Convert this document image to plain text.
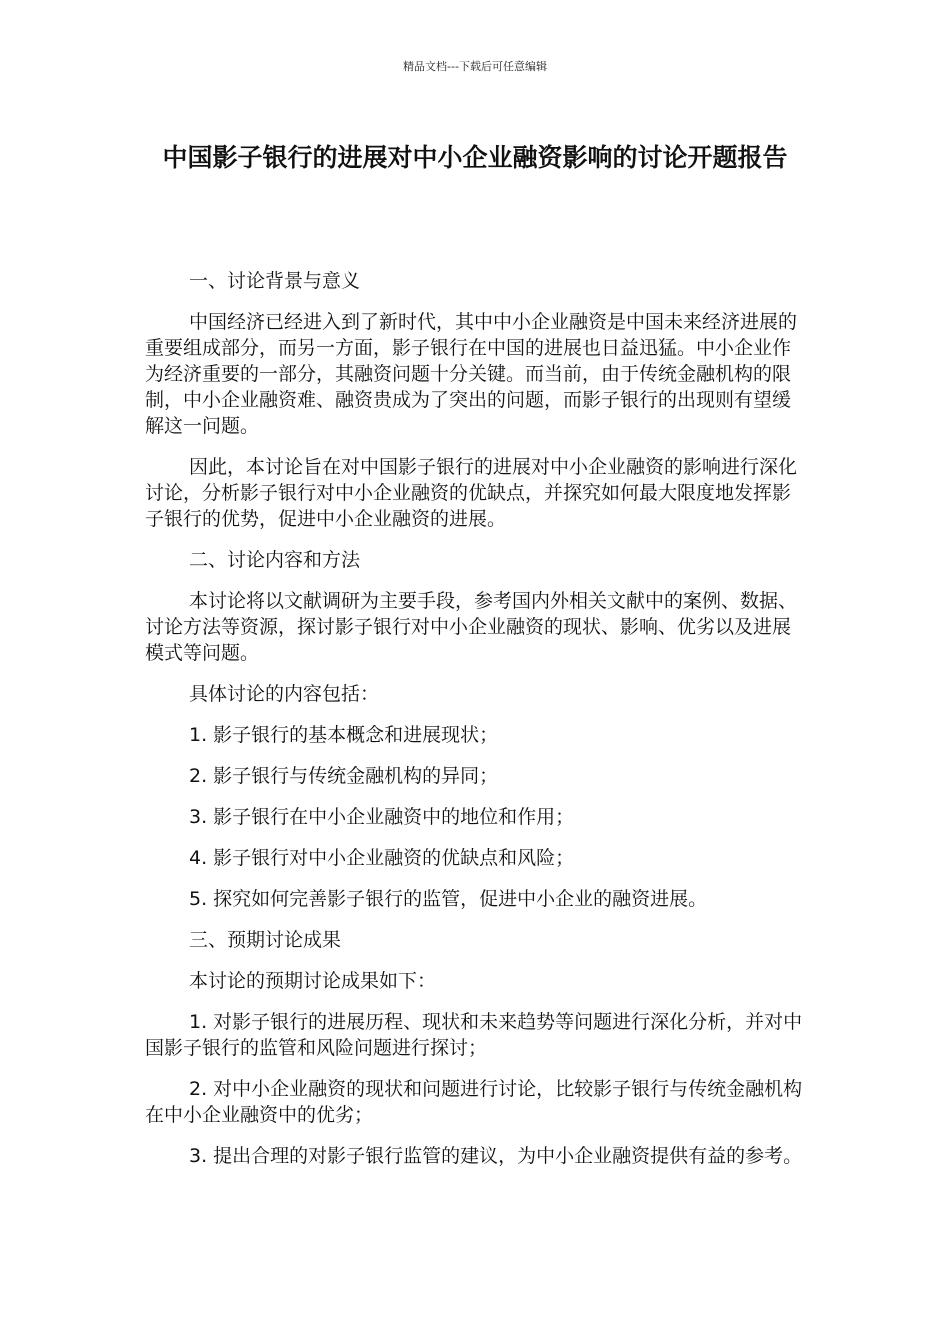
精品文档---下载后可任意编辑
中国影子银行的进展对中小企业融资影响的讨论开题报告

一、讨论背景与意义

中国经济已经进入到了新时代，其中中小企业融资是中国未来经济进展的重要组成部分，而另一方面，影子银行在中国的进展也日益迅猛。中小企业作为经济重要的一部分，其融资问题十分关键。而当前，由于传统金融机构的限制，中小企业融资难、融资贵成为了突出的问题，而影子银行的出现则有望缓解这一问题。

因此，本讨论旨在对中国影子银行的进展对中小企业融资的影响进行深化讨论，分析影子银行对中小企业融资的优缺点，并探究如何最大限度地发挥影子银行的优势，促进中小企业融资的进展。

二、讨论内容和方法

本讨论将以文献调研为主要手段，参考国内外相关文献中的案例、数据、讨论方法等资源，探讨影子银行对中小企业融资的现状、影响、优劣以及进展模式等问题。

具体讨论的内容包括：

1. 影子银行的基本概念和进展现状；

2. 影子银行与传统金融机构的异同；

3. 影子银行在中小企业融资中的地位和作用；

4. 影子银行对中小企业融资的优缺点和风险；

5. 探究如何完善影子银行的监管，促进中小企业的融资进展。

三、预期讨论成果

本讨论的预期讨论成果如下：

1. 对影子银行的进展历程、现状和未来趋势等问题进行深化分析，并对中国影子银行的监管和风险问题进行探讨；

2. 对中小企业融资的现状和问题进行讨论，比较影子银行与传统金融机构在中小企业融资中的优劣；

3. 提出合理的对影子银行监管的建议，为中小企业融资提供有益的参考。
